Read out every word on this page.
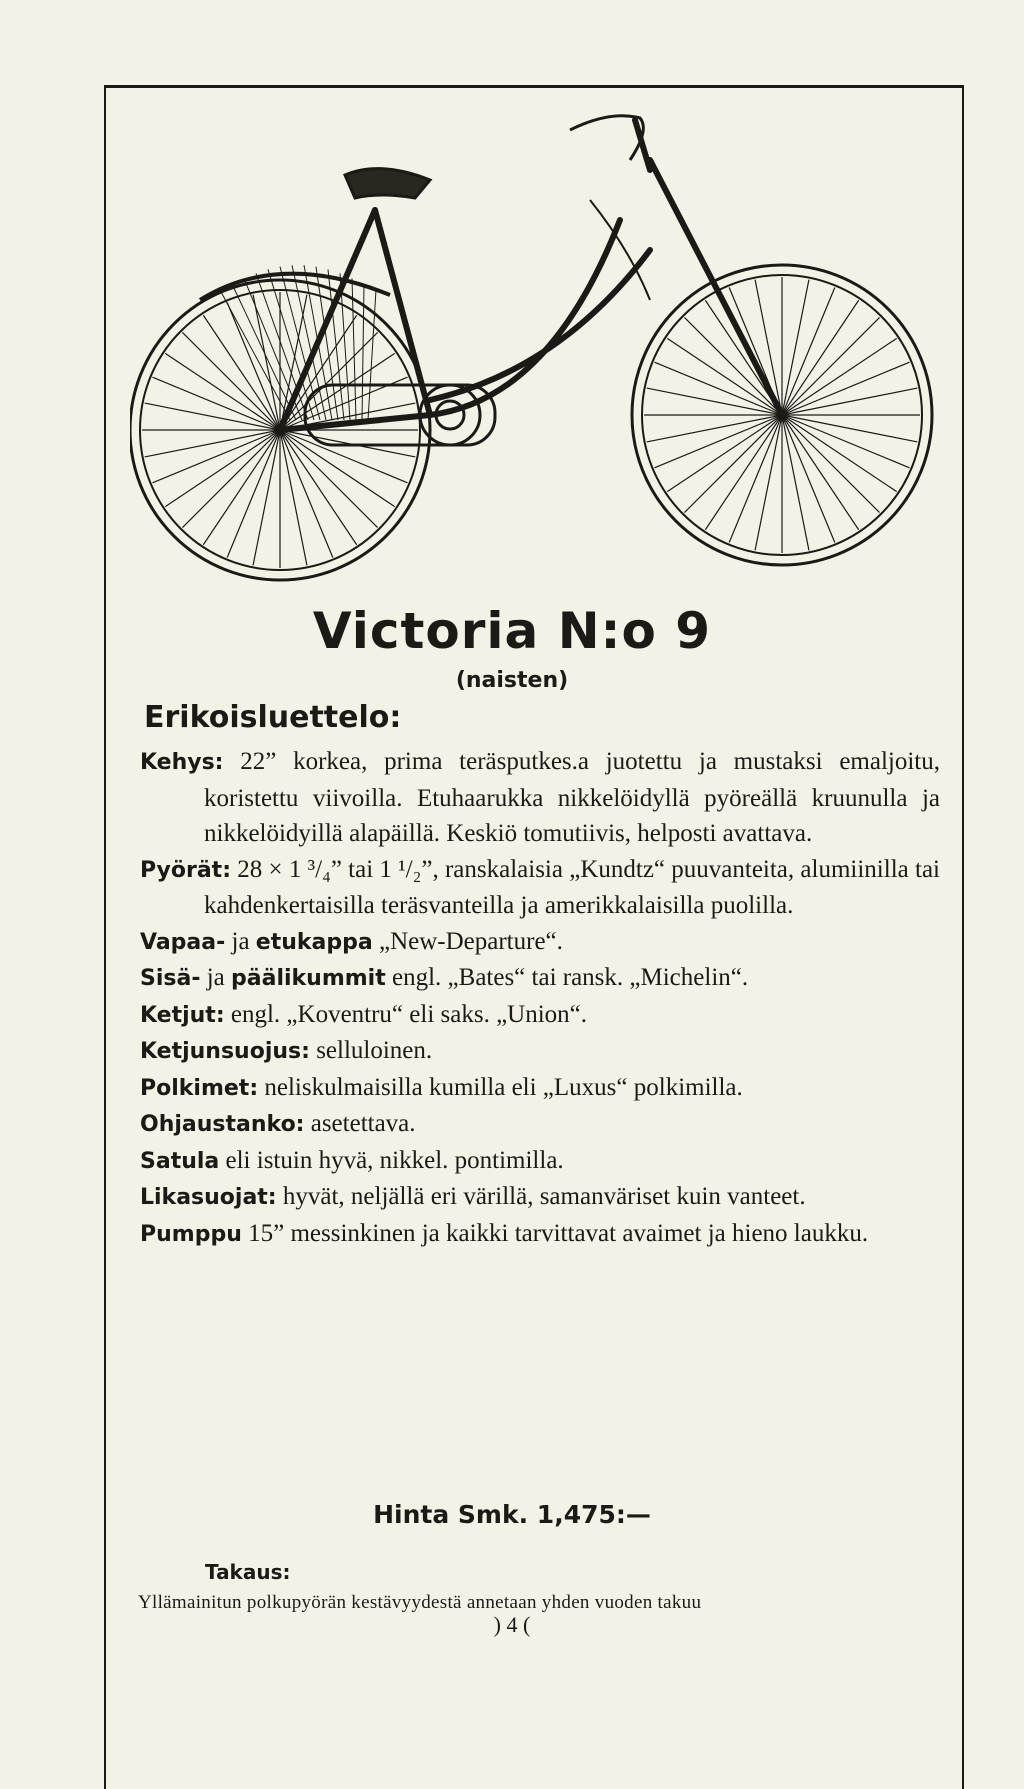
Victoria N:o 9
(naisten)
Erikoisluettelo:

Kehys: 22” korkea, prima teräsputkes.a juotettu ja mustaksi emaljoitu, koristettu viivoilla. Etuhaarukka nikkelöidyllä pyöreällä kruunulla ja nikkelöidyillä alapäillä. Keskiö tomutiivis, helposti avattava.

Pyörät: 28 × 1 ³/₄” tai 1 ¹/₂”, ranskalaisia „Kundtz“ puuvanteita, alumiinilla tai kahdenkertaisilla teräsvanteilla ja amerikkalaisilla puolilla.

Vapaa- ja etukappa „New-Departure“.

Sisä- ja päälikummit engl. „Bates“ tai ransk. „Michelin“.

Ketjut: engl. „Koventru“ eli saks. „Union“.

Ketjunsuojus: selluloinen.

Polkimet: neliskulmaisilla kumilla eli „Luxus“ polkimilla.

Ohjaustanko: asetettava.

Satula eli istuin hyvä, nikkel. pontimilla.

Likasuojat: hyvät, neljällä eri värillä, samanväriset kuin vanteet.

Pumppu 15” messinkinen ja kaikki tarvittavat avaimet ja hieno laukku.

Hinta Smk. 1,475:—
Takaus:
Yllämainitun polkupyörän kestävyydestä annetaan yhden vuoden takuu
) 4 (
